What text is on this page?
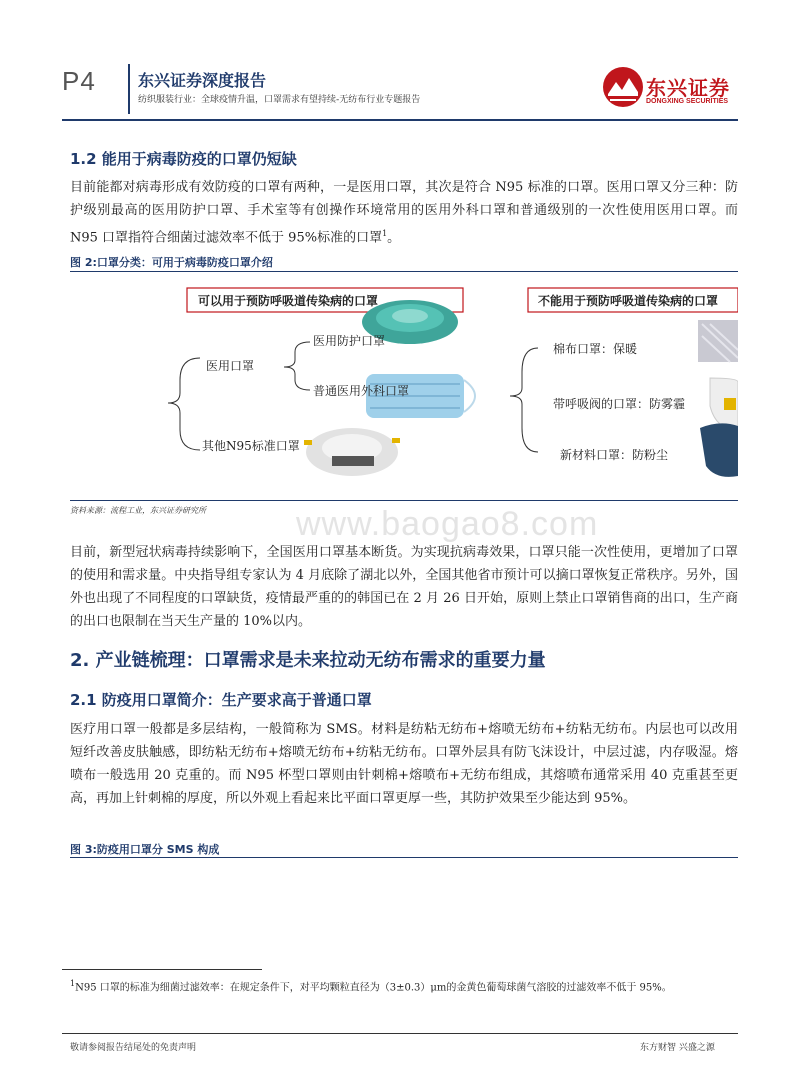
P4	东兴证券深度报告
纺织服装行业：全球疫情升温，口罩需求有望持续-无纺布行业专题报告	东兴证券
DONGXING SECURITIES
1.2 能用于病毒防疫的口罩仍短缺
目前能都对病毒形成有效防疫的口罩有两种，一是医用口罩，其次是符合 N95 标准的口罩。医用口罩又分三种：防护级别最高的医用防护口罩、手术室等有创操作环境常用的医用外科口罩和普通级别的一次性使用医用口罩。而 N95 口罩指符合细菌过滤效率不低于 95%标准的口罩$^1$。
图 2:口罩分类：可用于病毒防疫口罩介绍
可以用于预防呼吸道传染病的口罩	不能用于预防呼吸道传染病的口罩
医用口罩
医用防护口罩
普通医用外科口罩
其他N95标准口罩
棉布口罩：保暖
带呼吸阀的口罩：防雾霾
新材料口罩：防粉尘
资料来源：流程工业，东兴证券研究所	www.baogao8.com
目前，新型冠状病毒持续影响下，全国医用口罩基本断货。为实现抗病毒效果，口罩只能一次性使用，更增加了口罩的使用和需求量。中央指导组专家认为 4 月底除了湖北以外，全国其他省市预计可以摘口罩恢复正常秩序。另外，国外也出现了不同程度的口罩缺货，疫情最严重的的韩国已在 2 月 26 日开始，原则上禁止口罩销售商的出口，生产商的出口也限制在当天生产量的 10%以内。
2. 产业链梳理：口罩需求是未来拉动无纺布需求的重要力量
2.1 防疫用口罩简介：生产要求高于普通口罩
医疗用口罩一般都是多层结构，一般简称为 SMS。材料是纺粘无纺布+熔喷无纺布+纺粘无纺布。内层也可以改用短纤改善皮肤触感，即纺粘无纺布+熔喷无纺布+纺粘无纺布。口罩外层具有防飞沫设计，中层过滤，内存吸湿。熔喷布一般选用 20 克重的。而 N95 杯型口罩则由针刺棉+熔喷布+无纺布组成，其熔喷布通常采用 40 克重甚至更高，再加上针刺棉的厚度，所以外观上看起来比平面口罩更厚一些，其防护效果至少能达到 95%。
图 3:防疫用口罩分 SMS 构成
$^1$N95 口罩的标准为细菌过滤效率：在规定条件下，对平均颗粒直径为（3±0.3）μm的金黄色葡萄球菌气溶胶的过滤效率不低于 95%。
敬请参阅报告结尾处的免责声明	东方财智 兴盛之源
